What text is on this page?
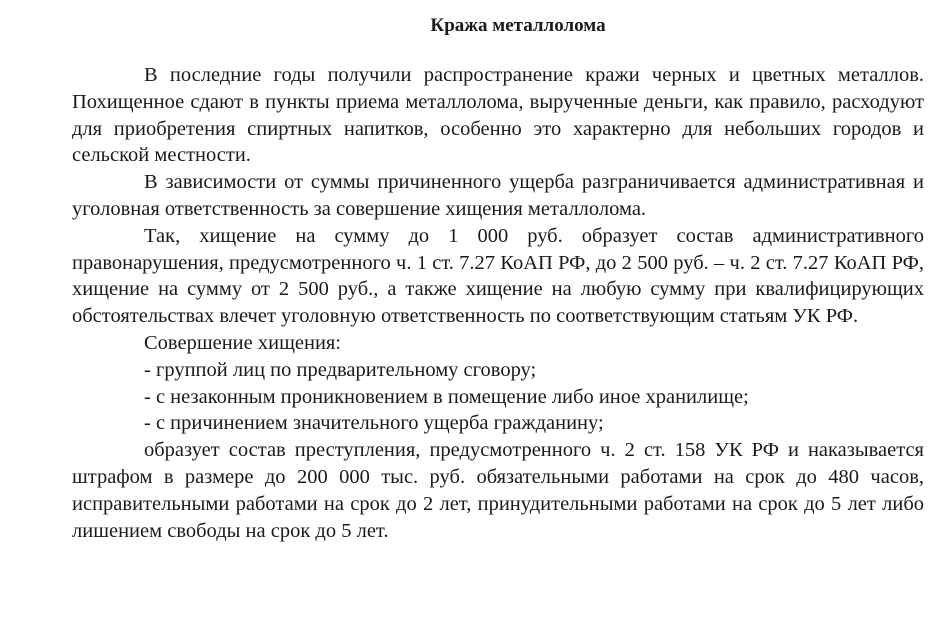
Кража металлолома

В последние годы получили распространение кражи черных и цветных металлов. Похищенное сдают в пункты приема металлолома, вырученные деньги, как правило, расходуют для приобретения спиртных напитков, особенно это характерно для небольших городов и сельской местности.

В зависимости от суммы причиненного ущерба разграничивается административная и уголовная ответственность за совершение хищения металлолома.

Так, хищение на сумму до 1 000 руб. образует состав административного правонарушения, предусмотренного ч. 1 ст. 7.27 КоАП РФ, до 2 500 руб. – ч. 2 ст. 7.27 КоАП РФ, хищение на сумму от 2 500 руб., а также хищение на любую сумму при квалифицирующих обстоятельствах влечет уголовную ответственность по соответствующим статьям УК РФ.

Совершение хищения:

- группой лиц по предварительному сговору;

- с незаконным проникновением в помещение либо иное хранилище;

- с причинением значительного ущерба гражданину;

образует состав преступления, предусмотренного ч. 2 ст. 158 УК РФ и наказывается штрафом в размере до 200 000 тыс. руб. обязательными работами на срок до 480 часов, исправительными работами на срок до 2 лет, принудительными работами на срок до 5 лет либо лишением свободы на срок до 5 лет.
